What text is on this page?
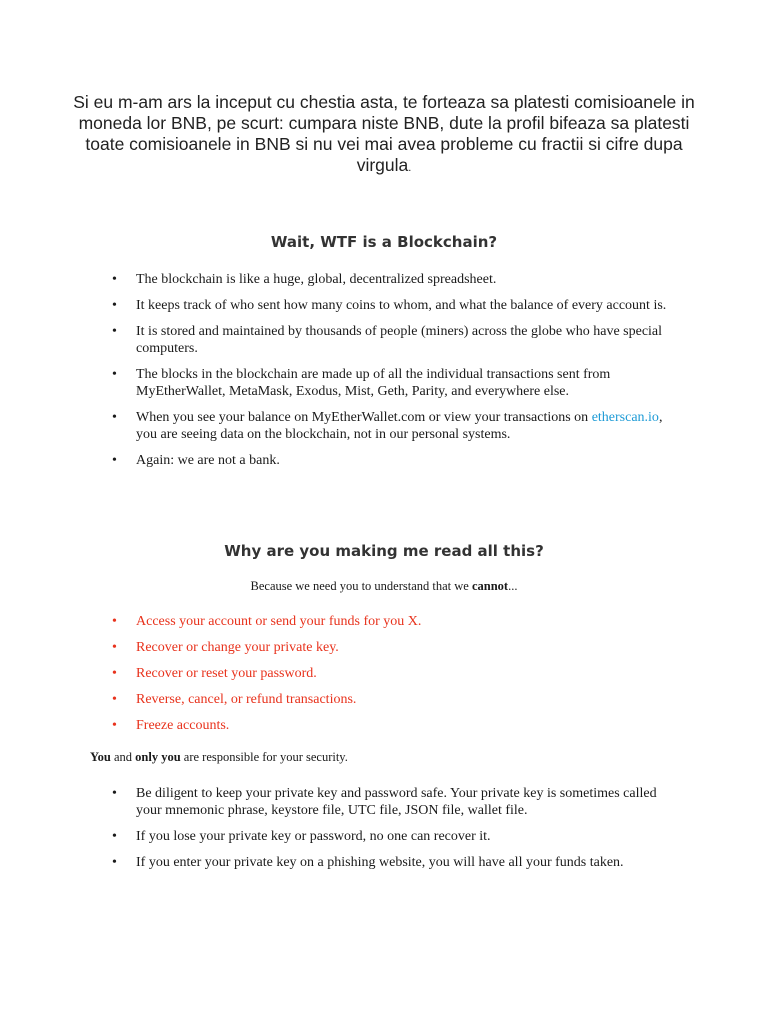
Si eu m-am ars la inceput cu chestia asta, te forteaza sa platesti comisioanele in moneda lor BNB, pe scurt: cumpara niste BNB, dute la profil bifeaza sa platesti toate comisioanele in BNB si nu vei mai avea probleme cu fractii si cifre dupa virgula.
Wait, WTF is a Blockchain?
• The blockchain is like a huge, global, decentralized spreadsheet.
• It keeps track of who sent how many coins to whom, and what the balance of every account is.
• It is stored and maintained by thousands of people (miners) across the globe who have special computers.
• The blocks in the blockchain are made up of all the individual transactions sent from MyEtherWallet, MetaMask, Exodus, Mist, Geth, Parity, and everywhere else.
• When you see your balance on MyEtherWallet.com or view your transactions on etherscan.io, you are seeing data on the blockchain, not in our personal systems.
• Again: we are not a bank.
Why are you making me read all this?
Because we need you to understand that we cannot...
• Access your account or send your funds for you X.
• Recover or change your private key.
• Recover or reset your password.
• Reverse, cancel, or refund transactions.
• Freeze accounts.
You and only you are responsible for your security.
• Be diligent to keep your private key and password safe. Your private key is sometimes called your mnemonic phrase, keystore file, UTC file, JSON file, wallet file.
• If you lose your private key or password, no one can recover it.
• If you enter your private key on a phishing website, you will have all your funds taken.
